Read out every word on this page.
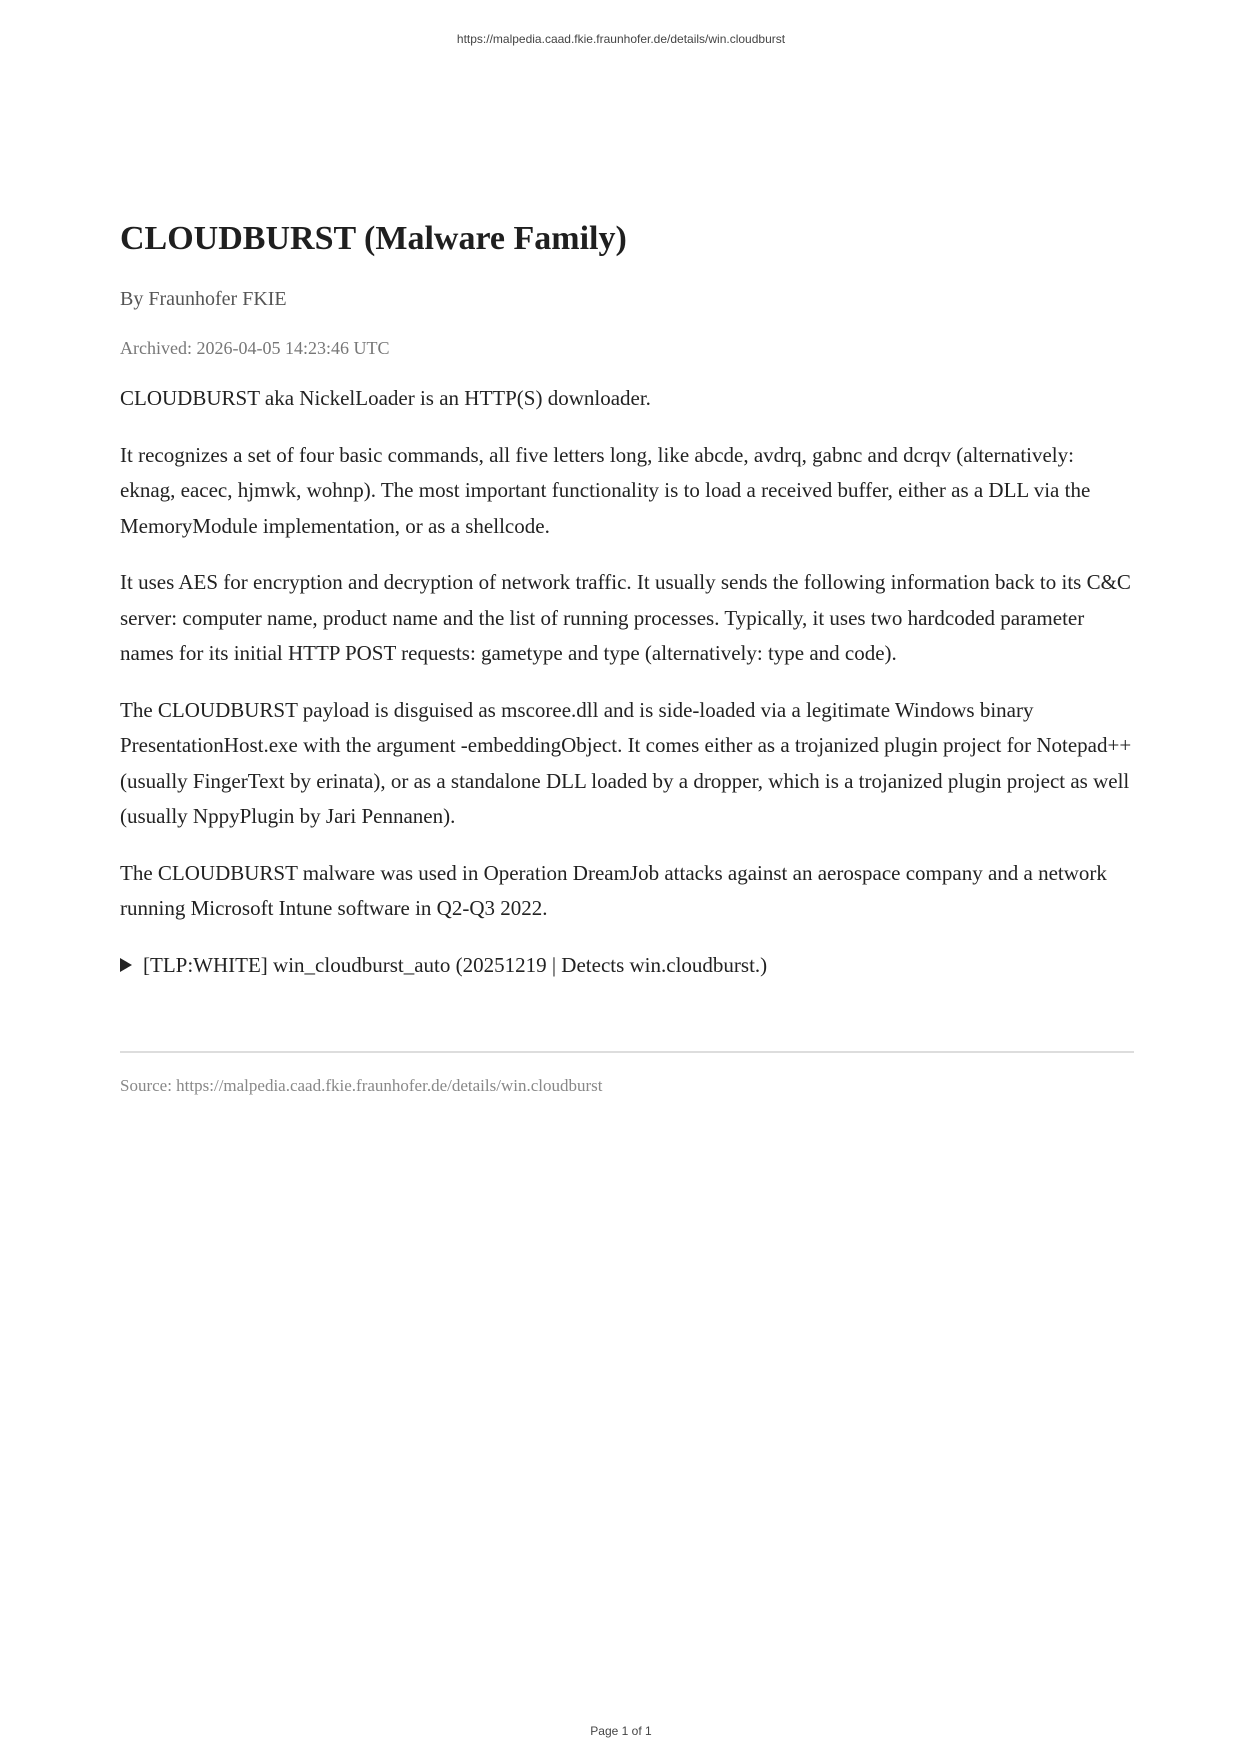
https://malpedia.caad.fkie.fraunhofer.de/details/win.cloudburst
CLOUDBURST (Malware Family)
By Fraunhofer FKIE
Archived: 2026-04-05 14:23:46 UTC

CLOUDBURST aka NickelLoader is an HTTP(S) downloader.

It recognizes a set of four basic commands, all five letters long, like abcde, avdrq, gabnc and dcrqv (alternatively: eknag, eacec, hjmwk, wohnp). The most important functionality is to load a received buffer, either as a DLL via the MemoryModule implementation, or as a shellcode.

It uses AES for encryption and decryption of network traffic. It usually sends the following information back to its C&C server: computer name, product name and the list of running processes. Typically, it uses two hardcoded parameter names for its initial HTTP POST requests: gametype and type (alternatively: type and code).

The CLOUDBURST payload is disguised as mscoree.dll and is side-loaded via a legitimate Windows binary PresentationHost.exe with the argument -embeddingObject. It comes either as a trojanized plugin project for Notepad++ (usually FingerText by erinata), or as a standalone DLL loaded by a dropper, which is a trojanized plugin project as well (usually NppyPlugin by Jari Pennanen).

The CLOUDBURST malware was used in Operation DreamJob attacks against an aerospace company and a network running Microsoft Intune software in Q2-Q3 2022.

[TLP:WHITE] win_cloudburst_auto (20251219 | Detects win.cloudburst.)
Source: https://malpedia.caad.fkie.fraunhofer.de/details/win.cloudburst
Page 1 of 1
